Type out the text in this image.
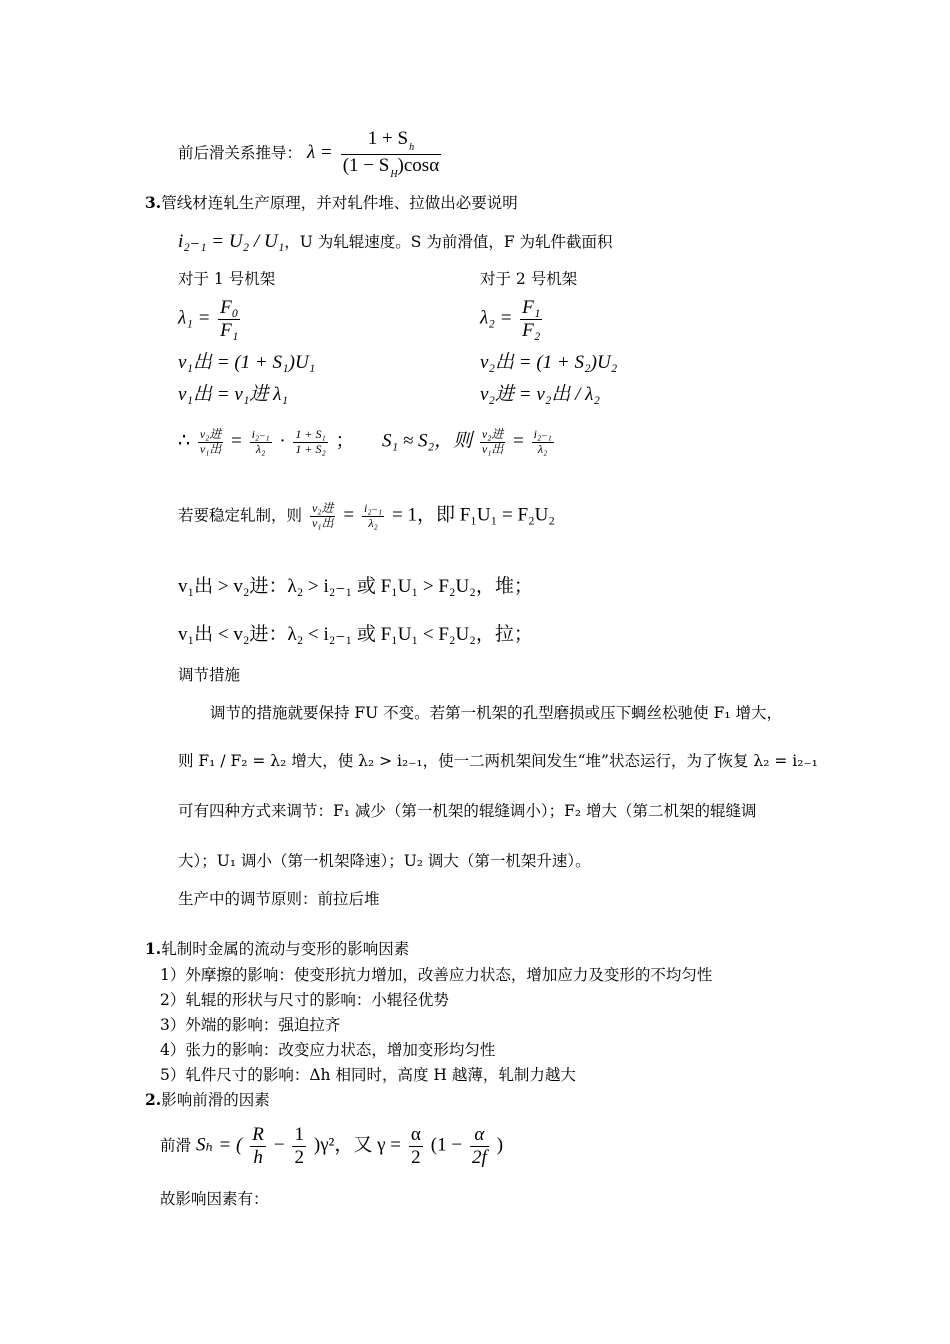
前后滑关系推导： $\lambda = \frac{1 + S_h}{(1 - S_H)\cos\alpha}$
3.管线材连轧生产原理，并对轧件堆、拉做出必要说明
i₂₋₁ = U₂ / U₁，U 为轧辊速度。S 为前滑值，F 为轧件截面积
对于 1 号机架	对于 2 号机架
$\lambda_1 = \frac{\text{F₀}}{\text{F₁}}$	$\lambda_2 = \frac{\text{F₁}}{\text{F₂}}$
v₁出 = (1 + S₁)U₁	v₂出 = (1 + S₂)U₂
v₁出 = v₁进 λ₁	v₂进 = v₂出 / λ₂
∴ $\frac{\text{v₂进}}{\text{v₁出}} = \frac{\text{i₂₋₁}}{\text{λ₂}} \cdot \frac{\text{1 + S₁}}{\text{1 + S₂}}$ ； S₁ ≈ S₂，则 $\frac{\text{v₂进}}{\text{v₁出}} = \frac{\text{i₂₋₁}}{\text{λ₂}}$
若要稳定轧制，则 $\frac{\text{v₂进}}{\text{v₁出}} = \frac{\text{i₂₋₁}}{\text{λ₂}} = 1$，即 F₁U₁ = F₂U₂
v₁出 > v₂进：λ₂ > i₂₋₁ 或 F₁U₁ > F₂U₂，堆；
v₁出 < v₂进：λ₂ < i₂₋₁ 或 F₁U₁ < F₂U₂，拉；
调节措施
调节的措施就要保持 FU 不变。若第一机架的孔型磨损或压下蜩丝松驰使 F₁ 增大，
则 F₁ / F₂ = λ₂ 增大，使 λ₂ > i₂₋₁，使一二两机架间发生“堆”状态运行，为了恢复 λ₂ = i₂₋₁
可有四种方式来调节：F₁ 减少（第一机架的辊缝调小）；F₂ 增大（第二机架的辊缝调
大）；U₁ 调小（第一机架降速）；U₂ 调大（第一机架升速）。
生产中的调节原则：前拉后堆
1.轧制时金属的流动与变形的影响因素
1）外摩擦的影响：使变形抗力增加，改善应力状态，增加应力及变形的不均匀性
2）轧辊的形状与尺寸的影响：小辊径优势
3）外端的影响：强迫拉齐
4）张力的影响：改变应力状态，增加变形均匀性
5）轧件尺寸的影响：Δh 相同时，高度 H 越薄，轧制力越大
2.影响前滑的因素
前滑 Sₕ = ( $\frac{R}{h} - \frac{1}{2} )\gamma^2$，又 $\gamma = \frac{\alpha}{2} (1 - \frac{\alpha}{2f}$ )
故影响因素有：
